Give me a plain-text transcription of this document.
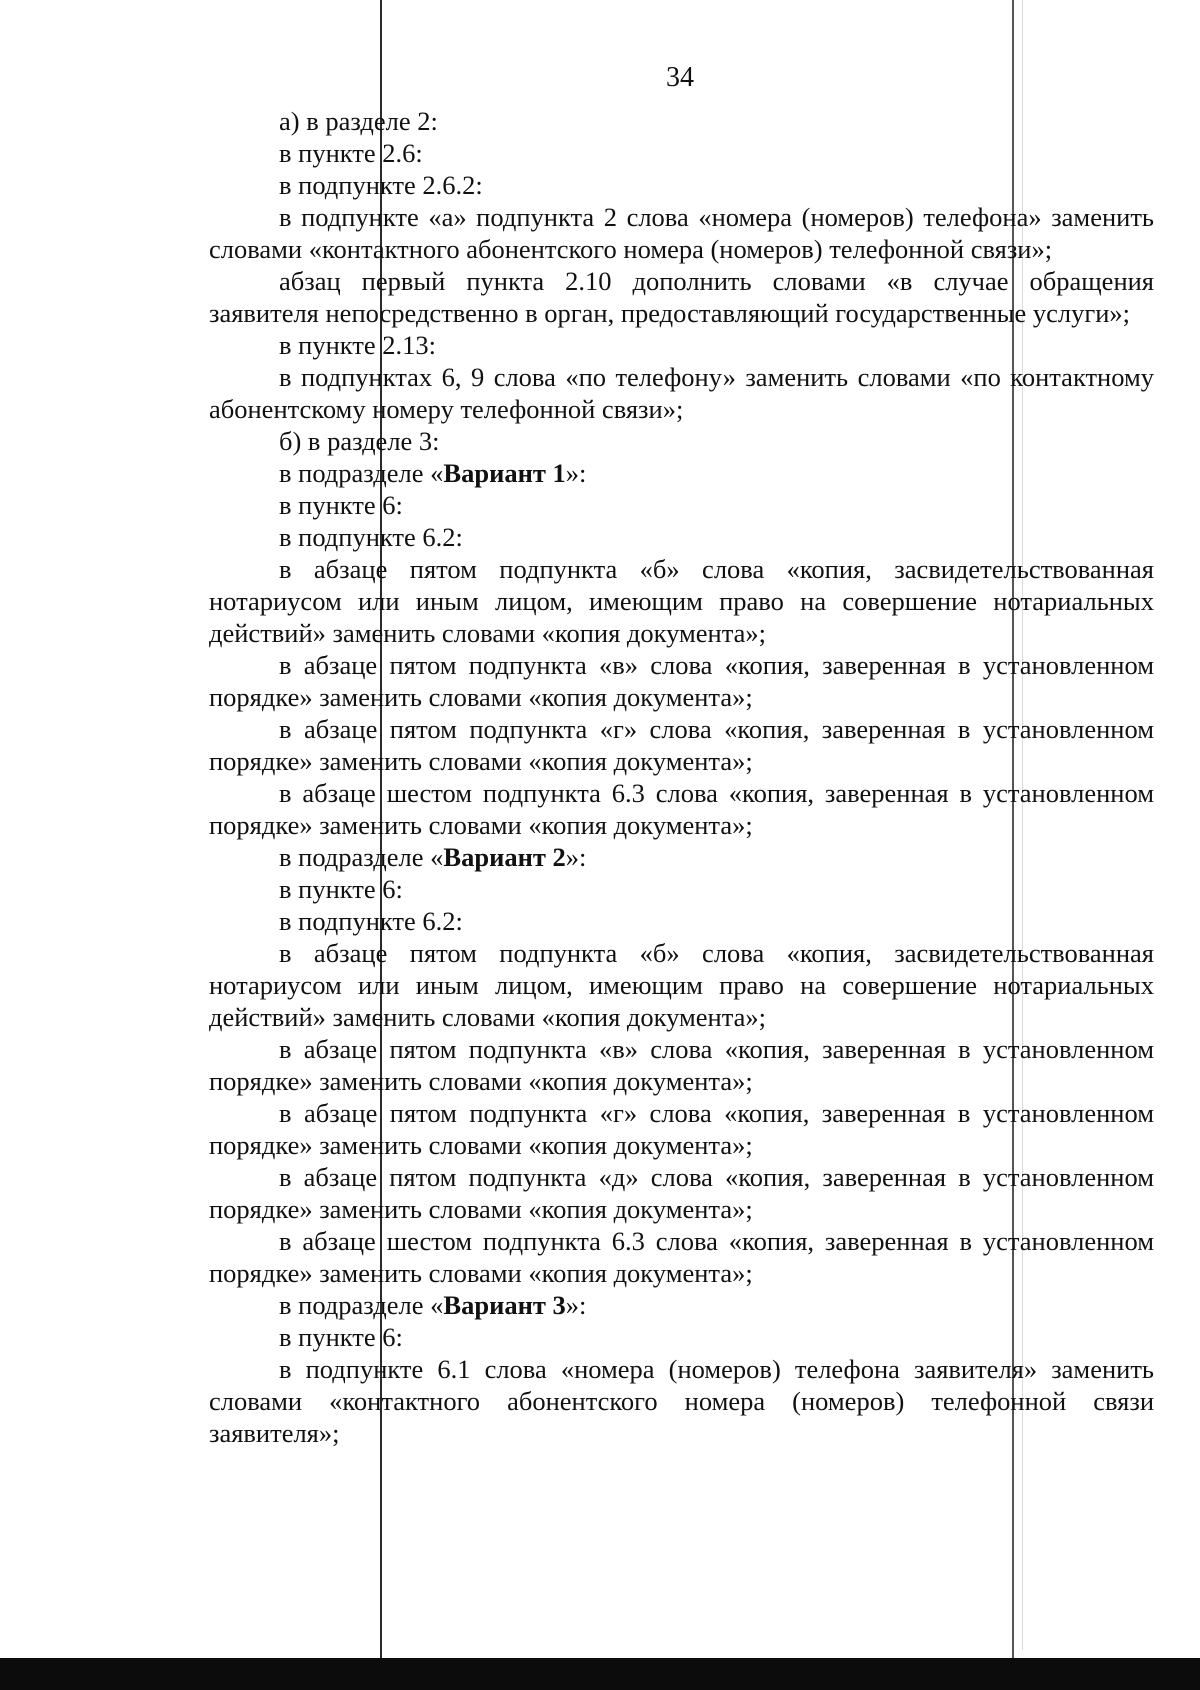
34

а) в разделе 2:

в пункте 2.6:

в подпункте 2.6.2:

в подпункте «а» подпункта 2 слова «номера (номеров) телефона» заменить словами «контактного абонентского номера (номеров) телефонной связи»;

абзац первый пункта 2.10 дополнить словами «в случае обращения заявителя непосредственно в орган, предоставляющий государственные услуги»;

в пункте 2.13:

в подпунктах 6, 9 слова «по телефону» заменить словами «по контактному абонентскому номеру телефонной связи»;

б) в разделе 3:

в подразделе «Вариант 1»:

в пункте 6:

в подпункте 6.2:

в абзаце пятом подпункта «б» слова «копия, засвидетельствованная нотариусом или иным лицом, имеющим право на совершение нотариальных действий» заменить словами «копия документа»;

в абзаце пятом подпункта «в» слова «копия, заверенная в установленном порядке» заменить словами «копия документа»;

в абзаце пятом подпункта «г» слова «копия, заверенная в установленном порядке» заменить словами «копия документа»;

в абзаце шестом подпункта 6.3 слова «копия, заверенная в установленном порядке» заменить словами «копия документа»;

в подразделе «Вариант 2»:

в пункте 6:

в подпункте 6.2:

в абзаце пятом подпункта «б» слова «копия, засвидетельствованная нотариусом или иным лицом, имеющим право на совершение нотариальных действий» заменить словами «копия документа»;

в абзаце пятом подпункта «в» слова «копия, заверенная в установленном порядке» заменить словами «копия документа»;

в абзаце пятом подпункта «г» слова «копия, заверенная в установленном порядке» заменить словами «копия документа»;

в абзаце пятом подпункта «д» слова «копия, заверенная в установленном порядке» заменить словами «копия документа»;

в абзаце шестом подпункта 6.3 слова «копия, заверенная в установленном порядке» заменить словами «копия документа»;

в подразделе «Вариант 3»:

в пункте 6:

в подпункте 6.1 слова «номера (номеров) телефона заявителя» заменить словами «контактного абонентского номера (номеров) телефонной связи заявителя»;
